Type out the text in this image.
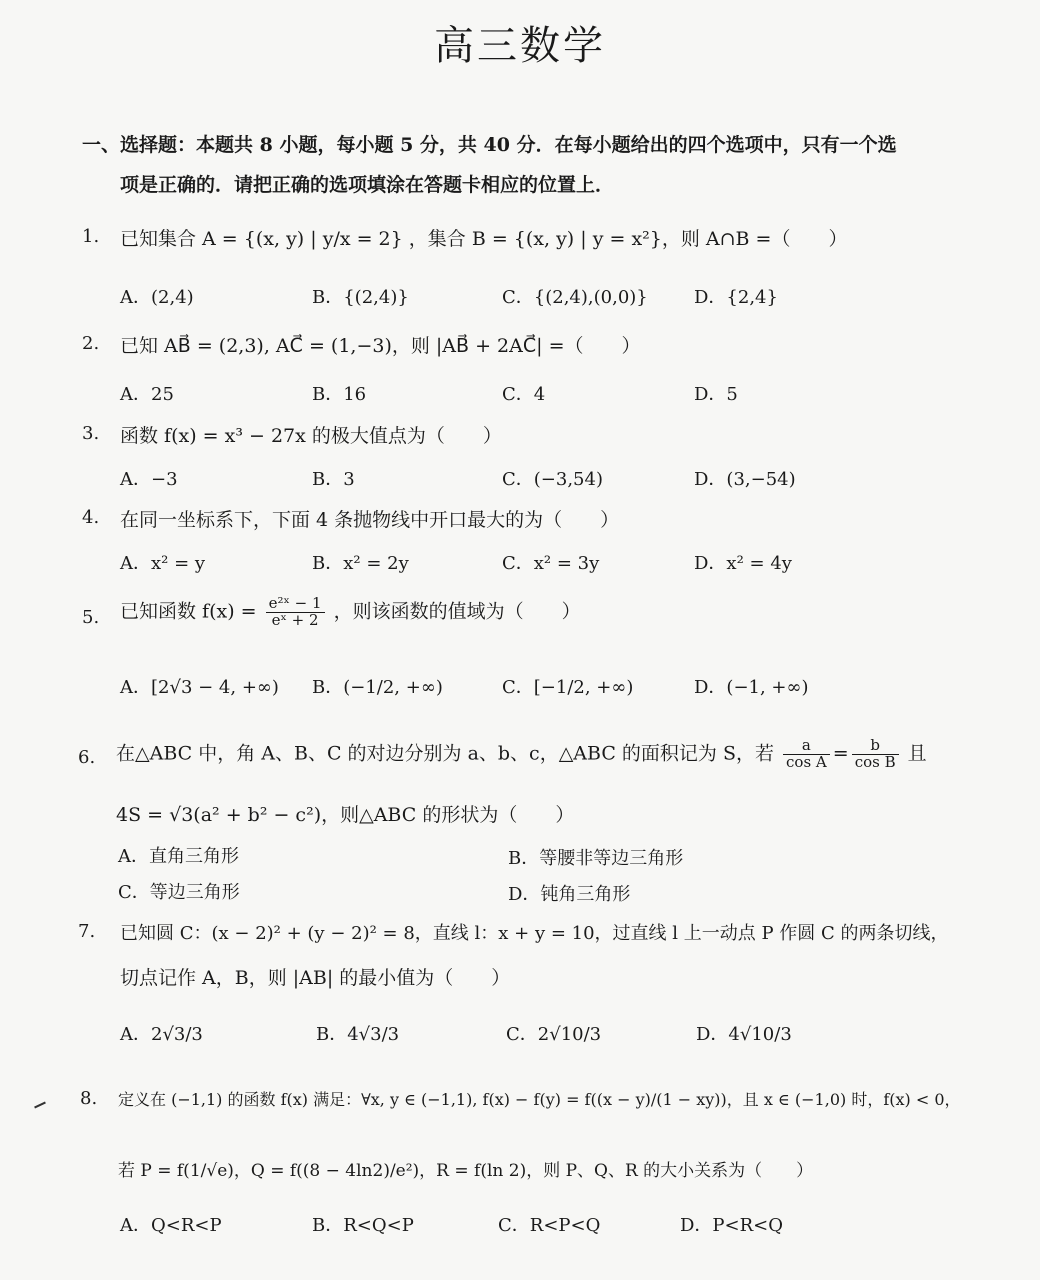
高三数学
一、选择题：本题共 8 小题，每小题 5 分，共 40 分．在每小题给出的四个选项中，只有一个选
项是正确的．请把正确的选项填涂在答题卡相应的位置上．
1. 已知集合 A = {(x, y) | y/x = 2} ，集合 B = {(x, y) | y = x²}，则 A∩B =（　　）
A．(2,4)	B．{(2,4)}	C．{(2,4),(0,0)}	D．{2,4}
2. 已知 AB⃗ = (2,3), AC⃗ = (1,−3)，则 |AB⃗ + 2AC⃗| =（　　）
A．25	B．16	C．4	D．5
3. 函数 f(x) = x³ − 27x 的极大值点为（　　）
A．−3	B．3	C．(−3,54)	D．(3,−54)
4. 在同一坐标系下，下面 4 条抛物线中开口最大的为（　　）
A．x² = y	B．x² = 2y	C．x² = 3y	D．x² = 4y
5. 已知函数 $f(x) = \frac{\text{e²ˣ − 1}}{\text{eˣ + 2}}$ ，则该函数的值域为（　　）
A．[2√3 − 4, +∞) B．(−1/2, +∞)	C．[−1/2, +∞)	D．(−1, +∞)
6. 在△ABC 中，角 A、B、C 的对边分别为 a、b、c，△ABC 的面积记为 S，若 $\frac{a}{\text{cos A}} = \frac{b}{\text{cos B}}$ 且
4S = √3(a² + b² − c²)，则△ABC 的形状为（　　）
A．直角三角形	B．等腰非等边三角形
C．等边三角形	D．钝角三角形
7. 已知圆 C：(x − 2)² + (y − 2)² = 8，直线 l：x + y = 10，过直线 l 上一动点 P 作圆 C 的两条切线，
切点记作 A，B，则 |AB| 的最小值为（　　）
A．2√3/3	B．4√3/3	C．2√10/3	D．4√10/3
8. 定义在 (−1,1) 的函数 f(x) 满足：∀x, y ∈ (−1,1), f(x) − f(y) = f((x − y)/(1 − xy))，且 x ∈ (−1,0) 时，f(x) < 0，
若 P = f(1/√e)，Q = f((8 − 4ln2)/e²)，R = f(ln 2)，则 P、Q、R 的大小关系为（　　）
A．Q<R<P	B．R<Q<P	C．R<P<Q	D．P<R<Q
